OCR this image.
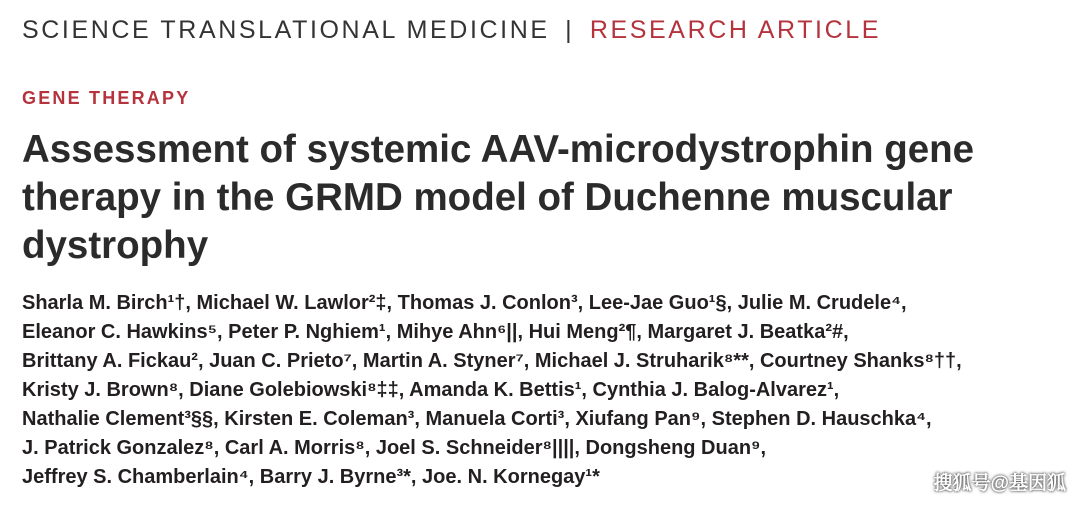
SCIENCE TRANSLATIONAL MEDICINE | RESEARCH ARTICLE
GENE THERAPY
Assessment of systemic AAV-microdystrophin gene
therapy in the GRMD model of Duchenne muscular
dystrophy

Sharla M. Birch¹†, Michael W. Lawlor²‡, Thomas J. Conlon³, Lee-Jae Guo¹§, Julie M. Crudele⁴,
Eleanor C. Hawkins⁵, Peter P. Nghiem¹, Mihye Ahn⁶||, Hui Meng²¶, Margaret J. Beatka²#,
Brittany A. Fickau², Juan C. Prieto⁷, Martin A. Styner⁷, Michael J. Struharik⁸**, Courtney Shanks⁸††,
Kristy J. Brown⁸, Diane Golebiowski⁸‡‡, Amanda K. Bettis¹, Cynthia J. Balog-Alvarez¹,
Nathalie Clement³§§, Kirsten E. Coleman³, Manuela Corti³, Xiufang Pan⁹, Stephen D. Hauschka⁴,
J. Patrick Gonzalez⁸, Carl A. Morris⁸, Joel S. Schneider⁸||||, Dongsheng Duan⁹,
Jeffrey S. Chamberlain⁴, Barry J. Byrne³*, Joe. N. Kornegay¹*	搜狐号@基因狐
